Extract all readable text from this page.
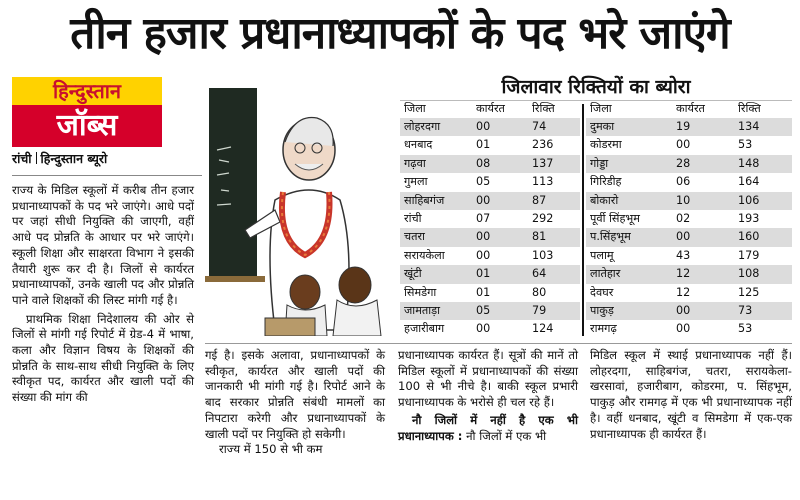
तीन हजार प्रधानाध्यापकों के पद भरे जाएंगे
हिन्दुस्तान
जॉब्स
रांची हिन्दुस्तान ब्यूरो

राज्य के मिडिल स्कूलों में करीब तीन हजार प्रधानाध्यापकों के पद भरे जाएंगे। आधे पदों पर जहां सीधी नियुक्ति की जाएगी, वहीं आधे पद प्रोन्नति के आधार पर भरे जाएंगे। स्कूली शिक्षा और साक्षरता विभाग ने इसकी तैयारी शुरू कर दी है। जिलों से कार्यरत प्रधानाध्यापकों, उनके खाली पद और प्रोन्नति पाने वाले शिक्षकों की लिस्ट मांगी गई है।

प्राथमिक शिक्षा निदेशालय की ओर से जिलों से मांगी गई रिपोर्ट में ग्रेड-4 में भाषा, कला और विज्ञान विषय के शिक्षकों की प्रोन्नति के साथ-साथ सीधी नियुक्ति के लिए स्वीकृत पद, कार्यरत और खाली पदों की संख्या की मांग की

जिलावार रिक्तियों का ब्योरा
जिला	कार्यरत	रिक्ति
लोहरदगा	00	74
धनबाद	01	236
गढ़वा	08	137
गुमला	05	113
साहिबगंज	00	87
रांची	07	292
चतरा	00	81
सरायकेला	00	103
खूंटी	01	64
सिमडेगा	01	80
जामताड़ा	05	79
हजारीबाग	00	124
जिला	कार्यरत	रिक्ति
दुमका	19	134
कोडरमा	00	53
गोड्डा	28	148
गिरिडीह	06	164
बोकारो	10	106
पूर्वी सिंहभूम	02	193
प.सिंहभूम	00	160
पलामू	43	179
लातेहार	12	108
देवघर	12	125
पाकुड़	00	73
रामगढ़	00	53

गई है। इसके अलावा, प्रधानाध्यापकों के स्वीकृत, कार्यरत और खाली पदों की जानकारी भी मांगी गई है। रिपोर्ट आने के बाद सरकार प्रोन्नति संबंधी मामलों का निपटारा करेगी और प्रधानाध्यापकों के खाली पदों पर नियुक्ति हो सकेगी।

राज्य में 150 से भी कम

प्रधानाध्यापक कार्यरत हैं। सूत्रों की मानें तो मिडिल स्कूलों में प्रधानाध्यापकों की संख्या 100 से भी नीचे है। बाकी स्कूल प्रभारी प्रधानाध्यापक के भरोसे ही चल रहे हैं।

नौ जिलों में नहीं है एक भी प्रधानाध्यापक : नौ जिलों में एक भी

मिडिल स्कूल में स्थाई प्रधानाध्यापक नहीं हैं। लोहरदगा, साहिबगंज, चतरा, सरायकेला-खरसावां, हजारीबाग, कोडरमा, प. सिंहभूम, पाकुड़ और रामगढ़ में एक भी प्रधानाध्यापक नहीं है। वहीं धनबाद, खूंटी व सिमडेगा में एक-एक प्रधानाध्यापक ही कार्यरत हैं।
